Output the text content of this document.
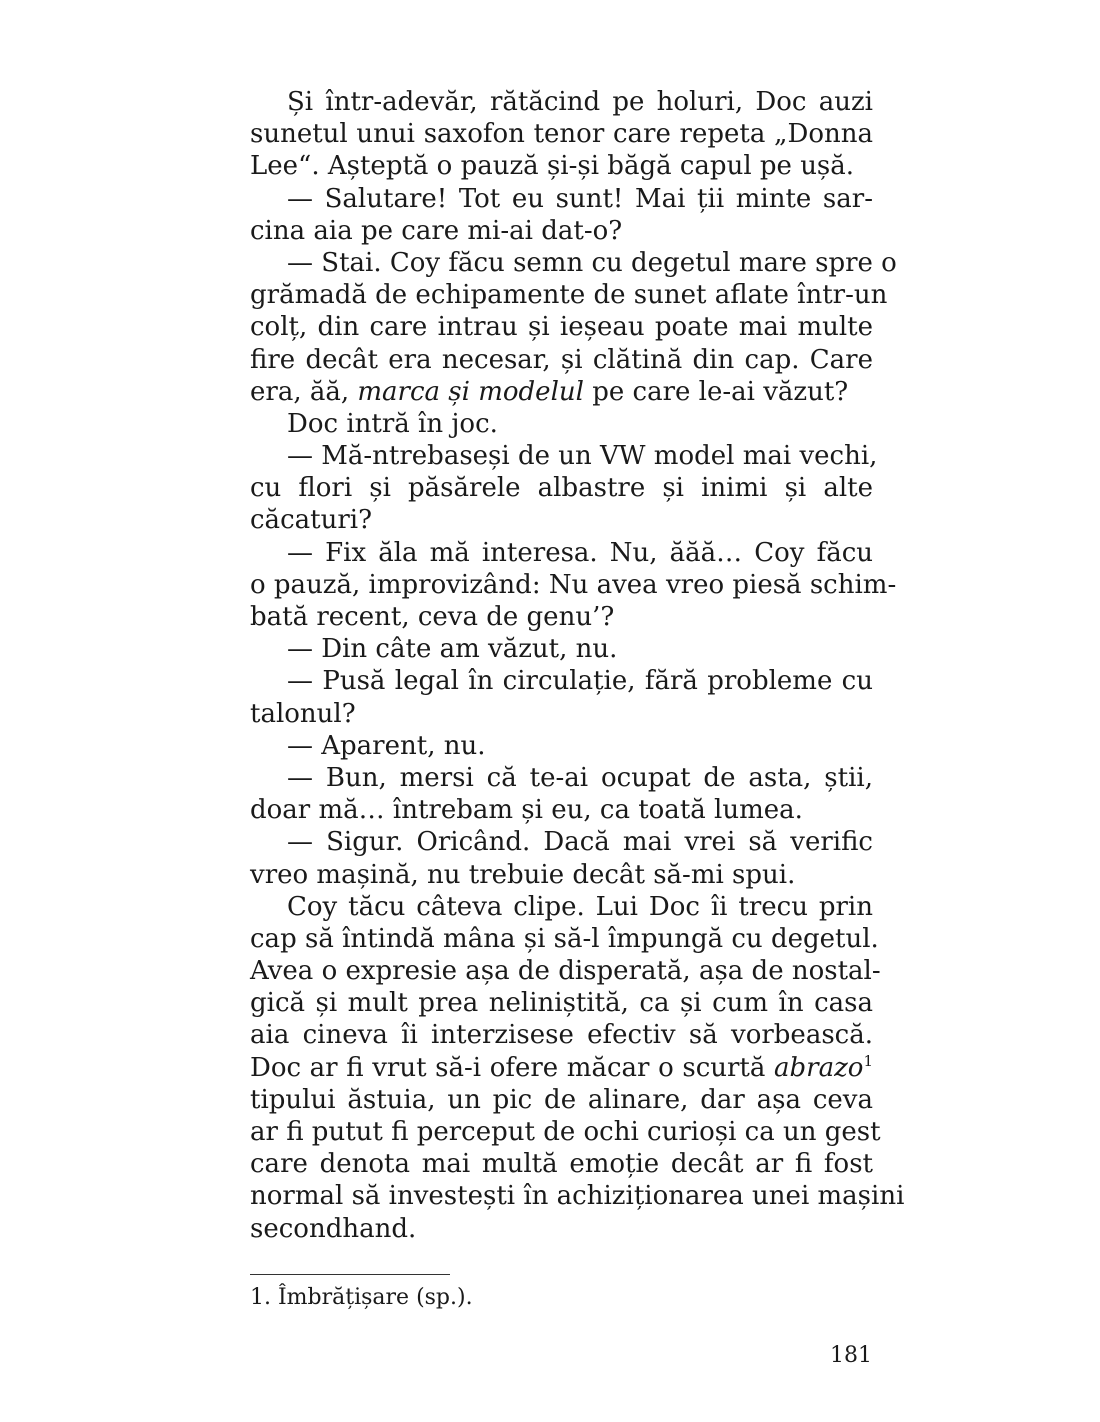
Și într-adevăr, rătăcind pe holuri, Doc auzi
sunetul unui saxofon tenor care repeta „Donna
Lee“. Așteptă o pauză și-și băgă capul pe ușă.
— Salutare! Tot eu sunt! Mai ții minte sar-
cina aia pe care mi-ai dat-o?
— Stai. Coy făcu semn cu degetul mare spre o
grămadă de echipamente de sunet aflate într-un
colț, din care intrau și ieșeau poate mai multe
fire decât era necesar, și clătină din cap. Care
era, ăă, marca și modelul pe care le-ai văzut?
Doc intră în joc.
— Mă-ntrebaseși de un VW model mai vechi,
cu flori și păsărele albastre și inimi și alte
căcaturi?
— Fix ăla mă interesa. Nu, ăăă… Coy făcu
o pauză, improvizând: Nu avea vreo piesă schim-
bată recent, ceva de genu’?
— Din câte am văzut, nu.
— Pusă legal în circulație, fără probleme cu
talonul?
— Aparent, nu.
— Bun, mersi că te-ai ocupat de asta, știi,
doar mă… întrebam și eu, ca toată lumea.
— Sigur. Oricând. Dacă mai vrei să verific
vreo mașină, nu trebuie decât să-mi spui.
Coy tăcu câteva clipe. Lui Doc îi trecu prin
cap să întindă mâna și să-l împungă cu degetul.
Avea o expresie așa de disperată, așa de nostal-
gică și mult prea neliniștită, ca și cum în casa
aia cineva îi interzisese efectiv să vorbească.
Doc ar fi vrut să-i ofere măcar o scurtă abrazo$^1$
tipului ăstuia, un pic de alinare, dar așa ceva
ar fi putut fi perceput de ochi curioși ca un gest
care denota mai multă emoție decât ar fi fost
normal să investești în achiziționarea unei mașini
secondhand.
1. Îmbrățișare (sp.).
181
